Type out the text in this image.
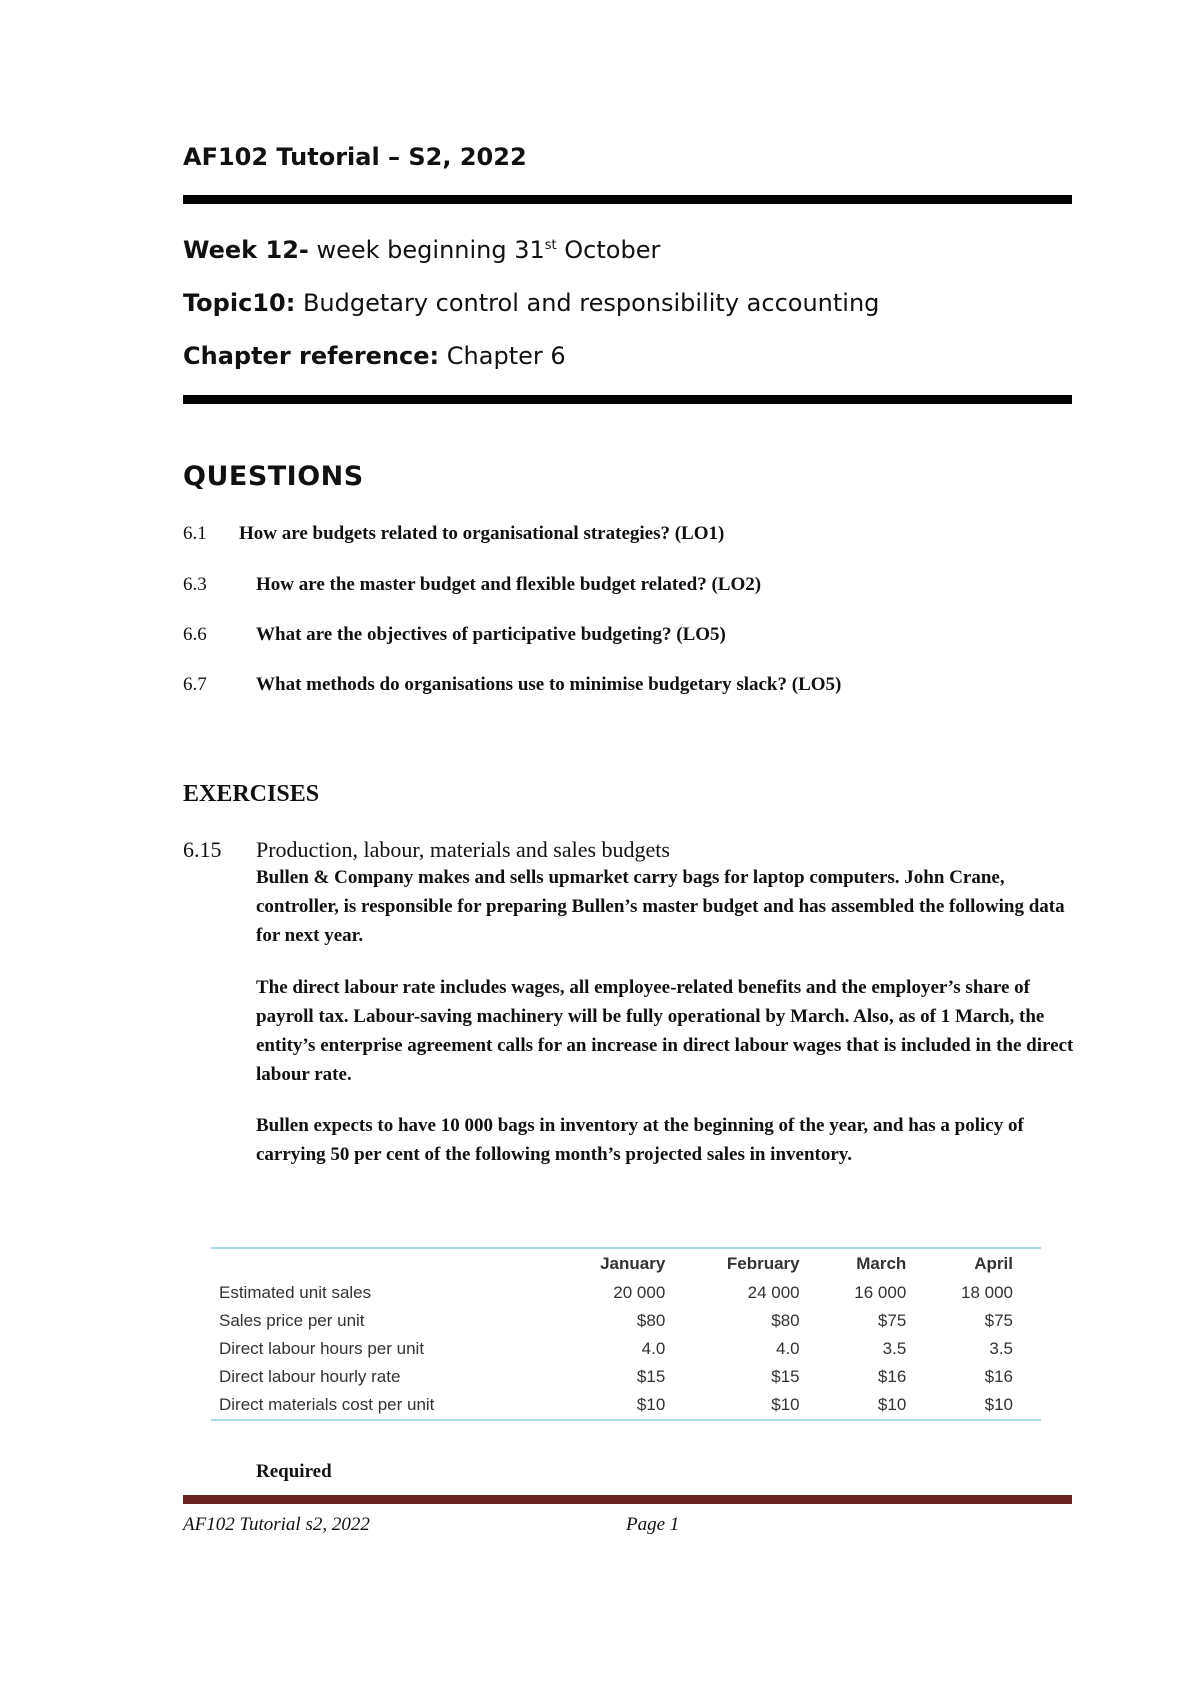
AF102 Tutorial – S2, 2022
Week 12- week beginning 31st October
Topic10: Budgetary control and responsibility accounting
Chapter reference: Chapter 6
QUESTIONS
6.1 How are budgets related to organisational strategies? (LO1)
6.3	How are the master budget and flexible budget related? (LO2)
6.6	What are the objectives of participative budgeting? (LO5)
6.7	What methods do organisations use to minimise budgetary slack? (LO5)
EXERCISES
6.15 Production, labour, materials and sales budgets
Bullen & Company makes and sells upmarket carry bags for laptop computers. John Crane, controller, is responsible for preparing Bullen’s master budget and has assembled the following data for next year.
The direct labour rate includes wages, all employee-related benefits and the employer’s share of payroll tax. Labour-saving machinery will be fully operational by March. Also, as of 1 March, the entity’s enterprise agreement calls for an increase in direct labour wages that is included in the direct labour rate.
Bullen expects to have 10 000 bags in inventory at the beginning of the year, and has a policy of carrying 50 per cent of the following month’s projected sales in inventory.
	January	February	March	April
Estimated unit sales	20 000	24 000	16 000	18 000
Sales price per unit	$80	$80	$75	$75
Direct labour hours per unit	4.0	4.0	3.5	3.5
Direct labour hourly rate	$15	$15	$16	$16
Direct materials cost per unit	$10	$10	$10	$10
Required
AF102 Tutorial s2, 2022	Page 1
